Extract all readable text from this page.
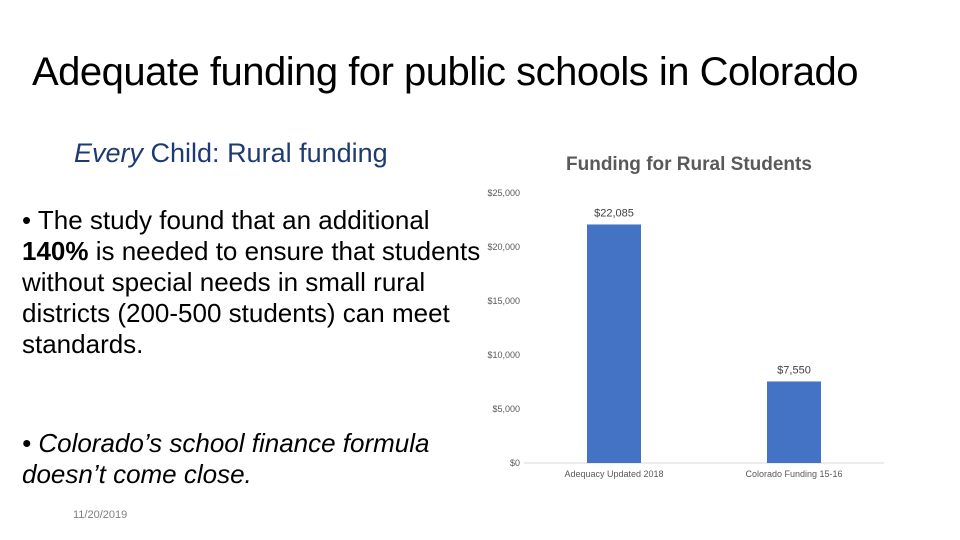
Adequate funding for public schools in Colorado
Every Child: Rural funding
• The study found that an additional 140% is needed to ensure that students without special needs in small rural districts (200-500 students) can meet standards.
• Colorado’s school finance formula doesn’t come close.
11/20/2019
Funding for Rural Students
$0
$5,000
$10,000
$15,000
$20,000
$25,000
$22,085
$7,550
Adequacy Updated 2018	Colorado Funding 15-16
